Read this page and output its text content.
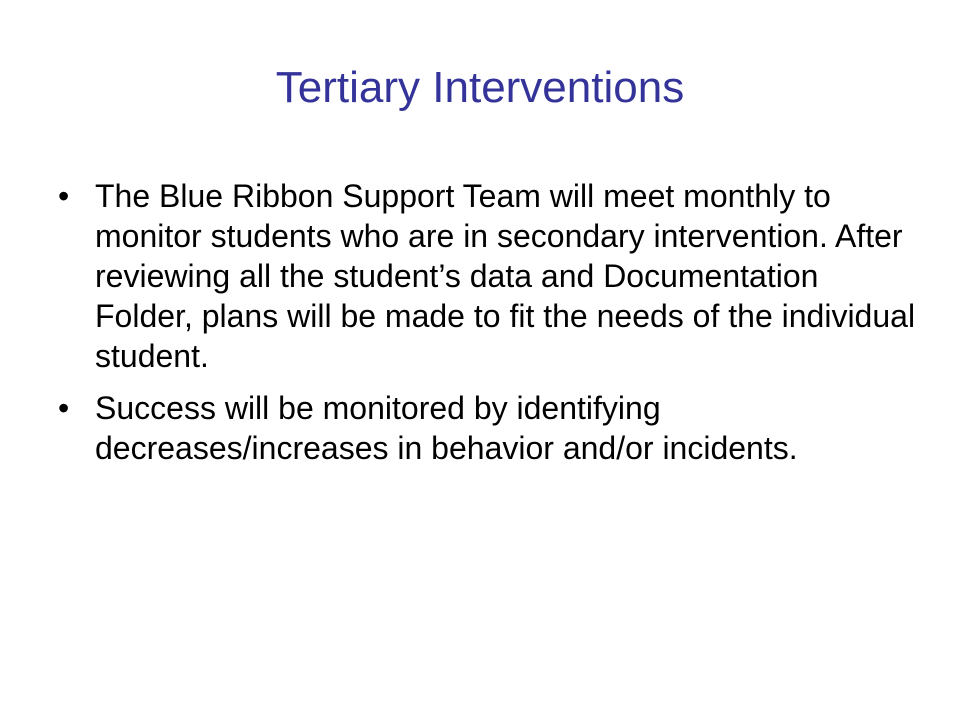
Tertiary Interventions
• The Blue Ribbon Support Team will meet monthly to monitor students who are in secondary intervention. After reviewing all the student’s data and Documentation Folder, plans will be made to fit the needs of the individual student.
• Success will be monitored by identifying decreases/increases in behavior and/or incidents.
